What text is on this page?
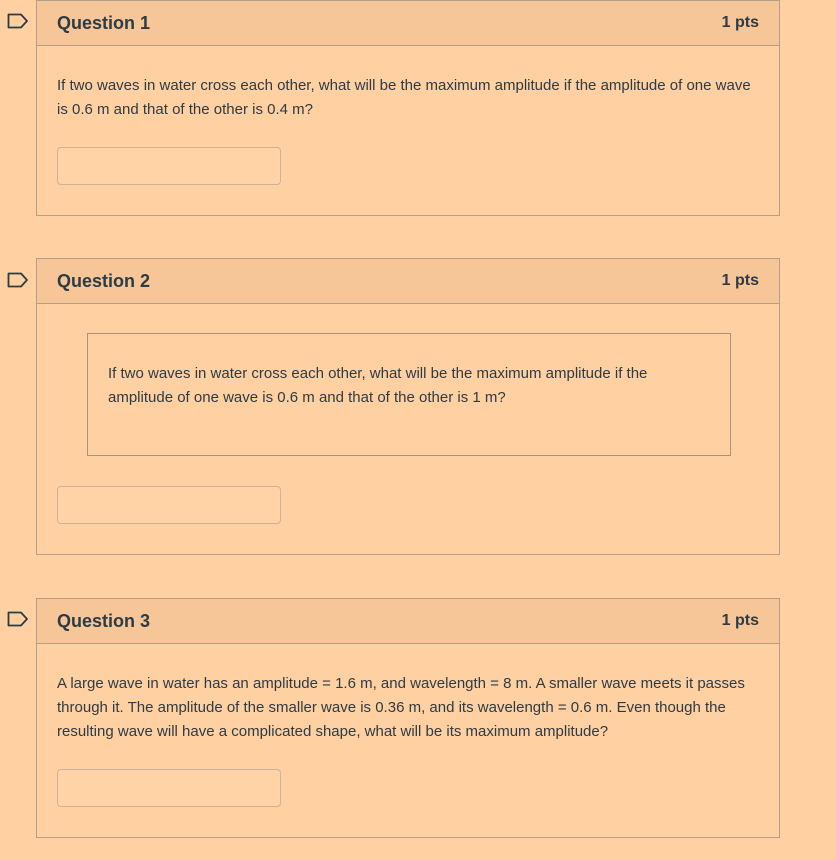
Question 1	1 pts
If two waves in water cross each other, what will be the maximum amplitude if the amplitude of one wave is 0.6 m and that of the other is 0.4 m?
Question 2	1 pts
If two waves in water cross each other, what will be the maximum amplitude if the amplitude of one wave is 0.6 m and that of the other is 1 m?
Question 3	1 pts
A large wave in water has an amplitude = 1.6 m, and wavelength = 8 m. A smaller wave meets it passes through it. The amplitude of the smaller wave is 0.36 m, and its wavelength = 0.6 m. Even though the resulting wave will have a complicated shape, what will be its maximum amplitude?
